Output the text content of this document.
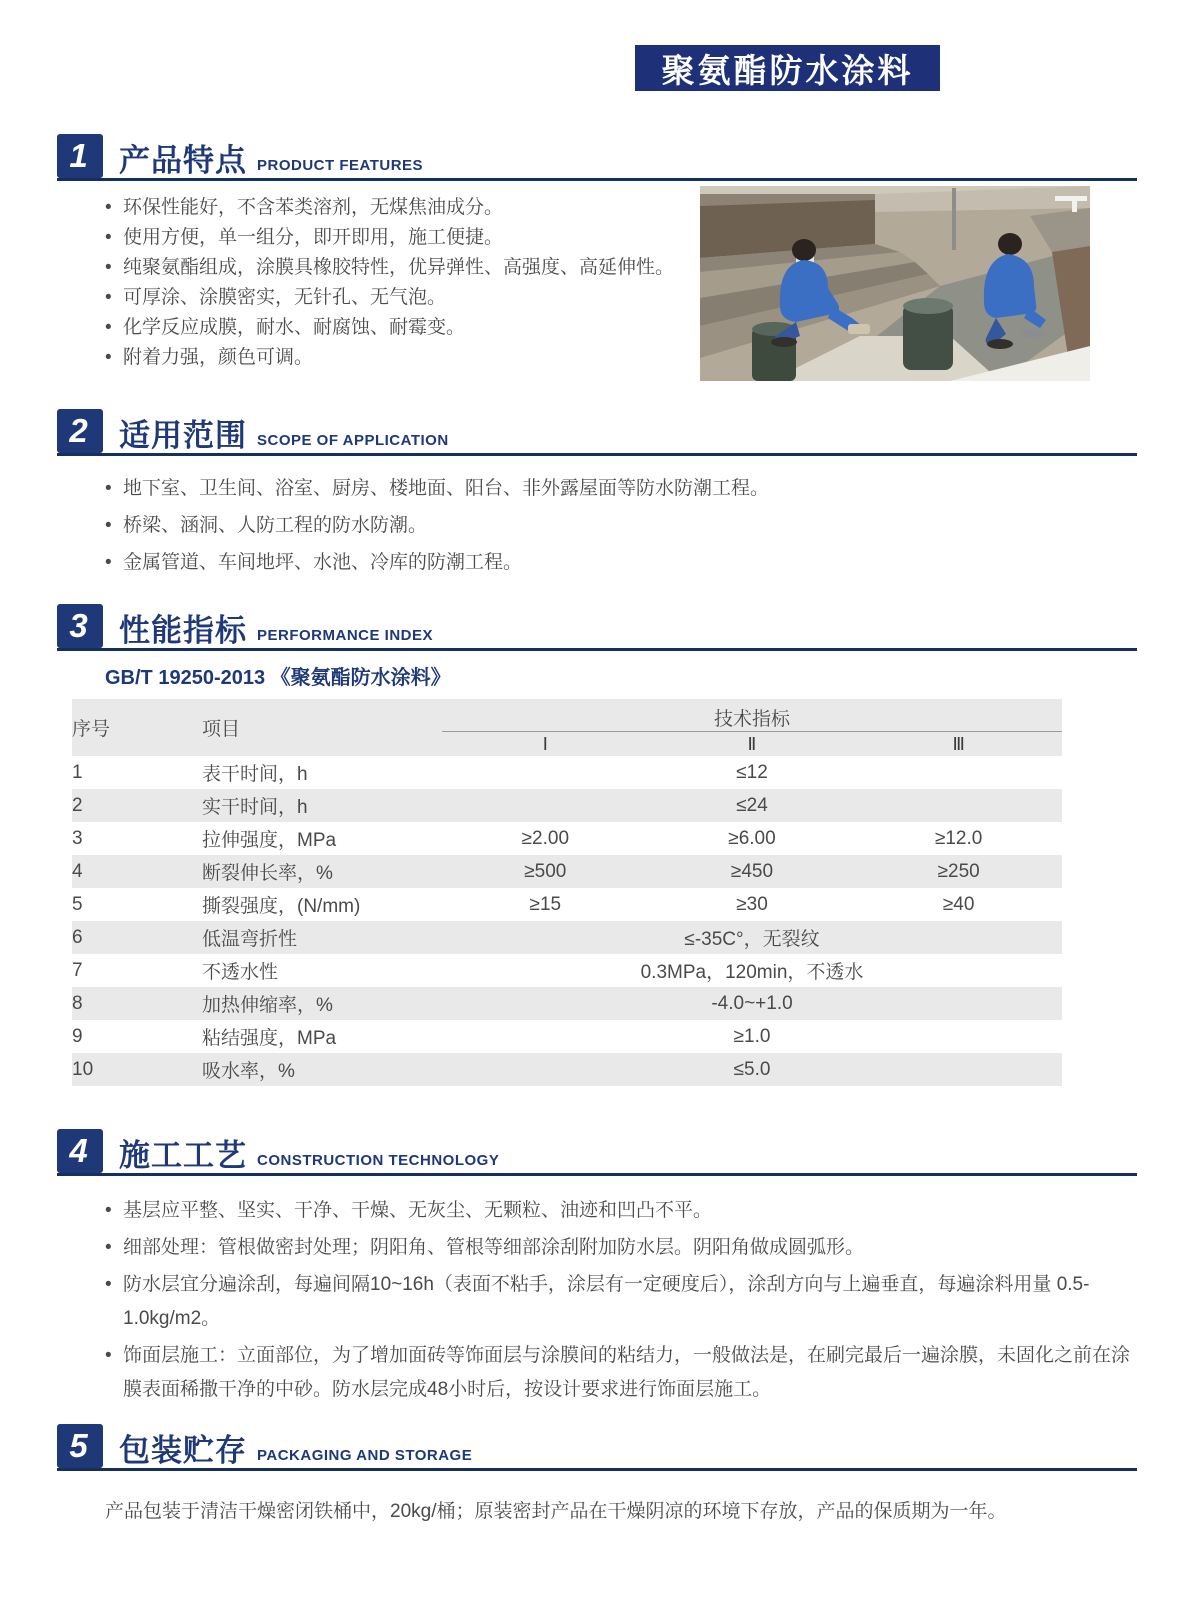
聚氨酯防水涂料
1	产品特点 PRODUCT FEATURES
• 环保性能好，不含苯类溶剂，无煤焦油成分。
• 使用方便，单一组分，即开即用，施工便捷。
• 纯聚氨酯组成，涂膜具橡胶特性，优异弹性、高强度、高延伸性。
• 可厚涂、涂膜密实，无针孔、无气泡。
• 化学反应成膜，耐水、耐腐蚀、耐霉变。
• 附着力强，颜色可调。
2	适用范围 SCOPE OF APPLICATION
• 地下室、卫生间、浴室、厨房、楼地面、阳台、非外露屋面等防水防潮工程。
• 桥梁、涵洞、人防工程的防水防潮。
• 金属管道、车间地坪、水池、冷库的防潮工程。
3	性能指标 PERFORMANCE INDEX
GB/T 19250-2013 《聚氨酯防水涂料》
序号	项目	技术指标		
		Ⅰ	Ⅱ	Ⅲ
1	表干时间，h	≤12		
2	实干时间，h	≤24		
3	拉伸强度，MPa	≥2.00	≥6.00	≥12.0
4	断裂伸长率，%	≥500	≥450	≥250
5	撕裂强度，(N/mm)	≥15	≥30	≥40
6	低温弯折性	≤-35C°，无裂纹		
7	不透水性	0.3MPa，120min，不透水		
8	加热伸缩率，%	-4.0~+1.0		
9	粘结强度，MPa	≥1.0		
10	吸水率，%	≤5.0		
4	施工工艺 CONSTRUCTION TECHNOLOGY
• 基层应平整、坚实、干净、干燥、无灰尘、无颗粒、油迹和凹凸不平。
• 细部处理：管根做密封处理；阴阳角、管根等细部涂刮附加防水层。阴阳角做成圆弧形。
• 防水层宜分遍涂刮，每遍间隔10~16h（表面不粘手，涂层有一定硬度后），涂刮方向与上遍垂直，每遍涂料用量 0.5-1.0kg/m2。
• 饰面层施工：立面部位，为了增加面砖等饰面层与涂膜间的粘结力，一般做法是，在刷完最后一遍涂膜，未固化之前在涂膜表面稀撒干净的中砂。防水层完成48小时后，按设计要求进行饰面层施工。
5	包装贮存 PACKAGING AND STORAGE

产品包装于清洁干燥密闭铁桶中，20kg/桶；原装密封产品在干燥阴凉的环境下存放，产品的保质期为一年。
